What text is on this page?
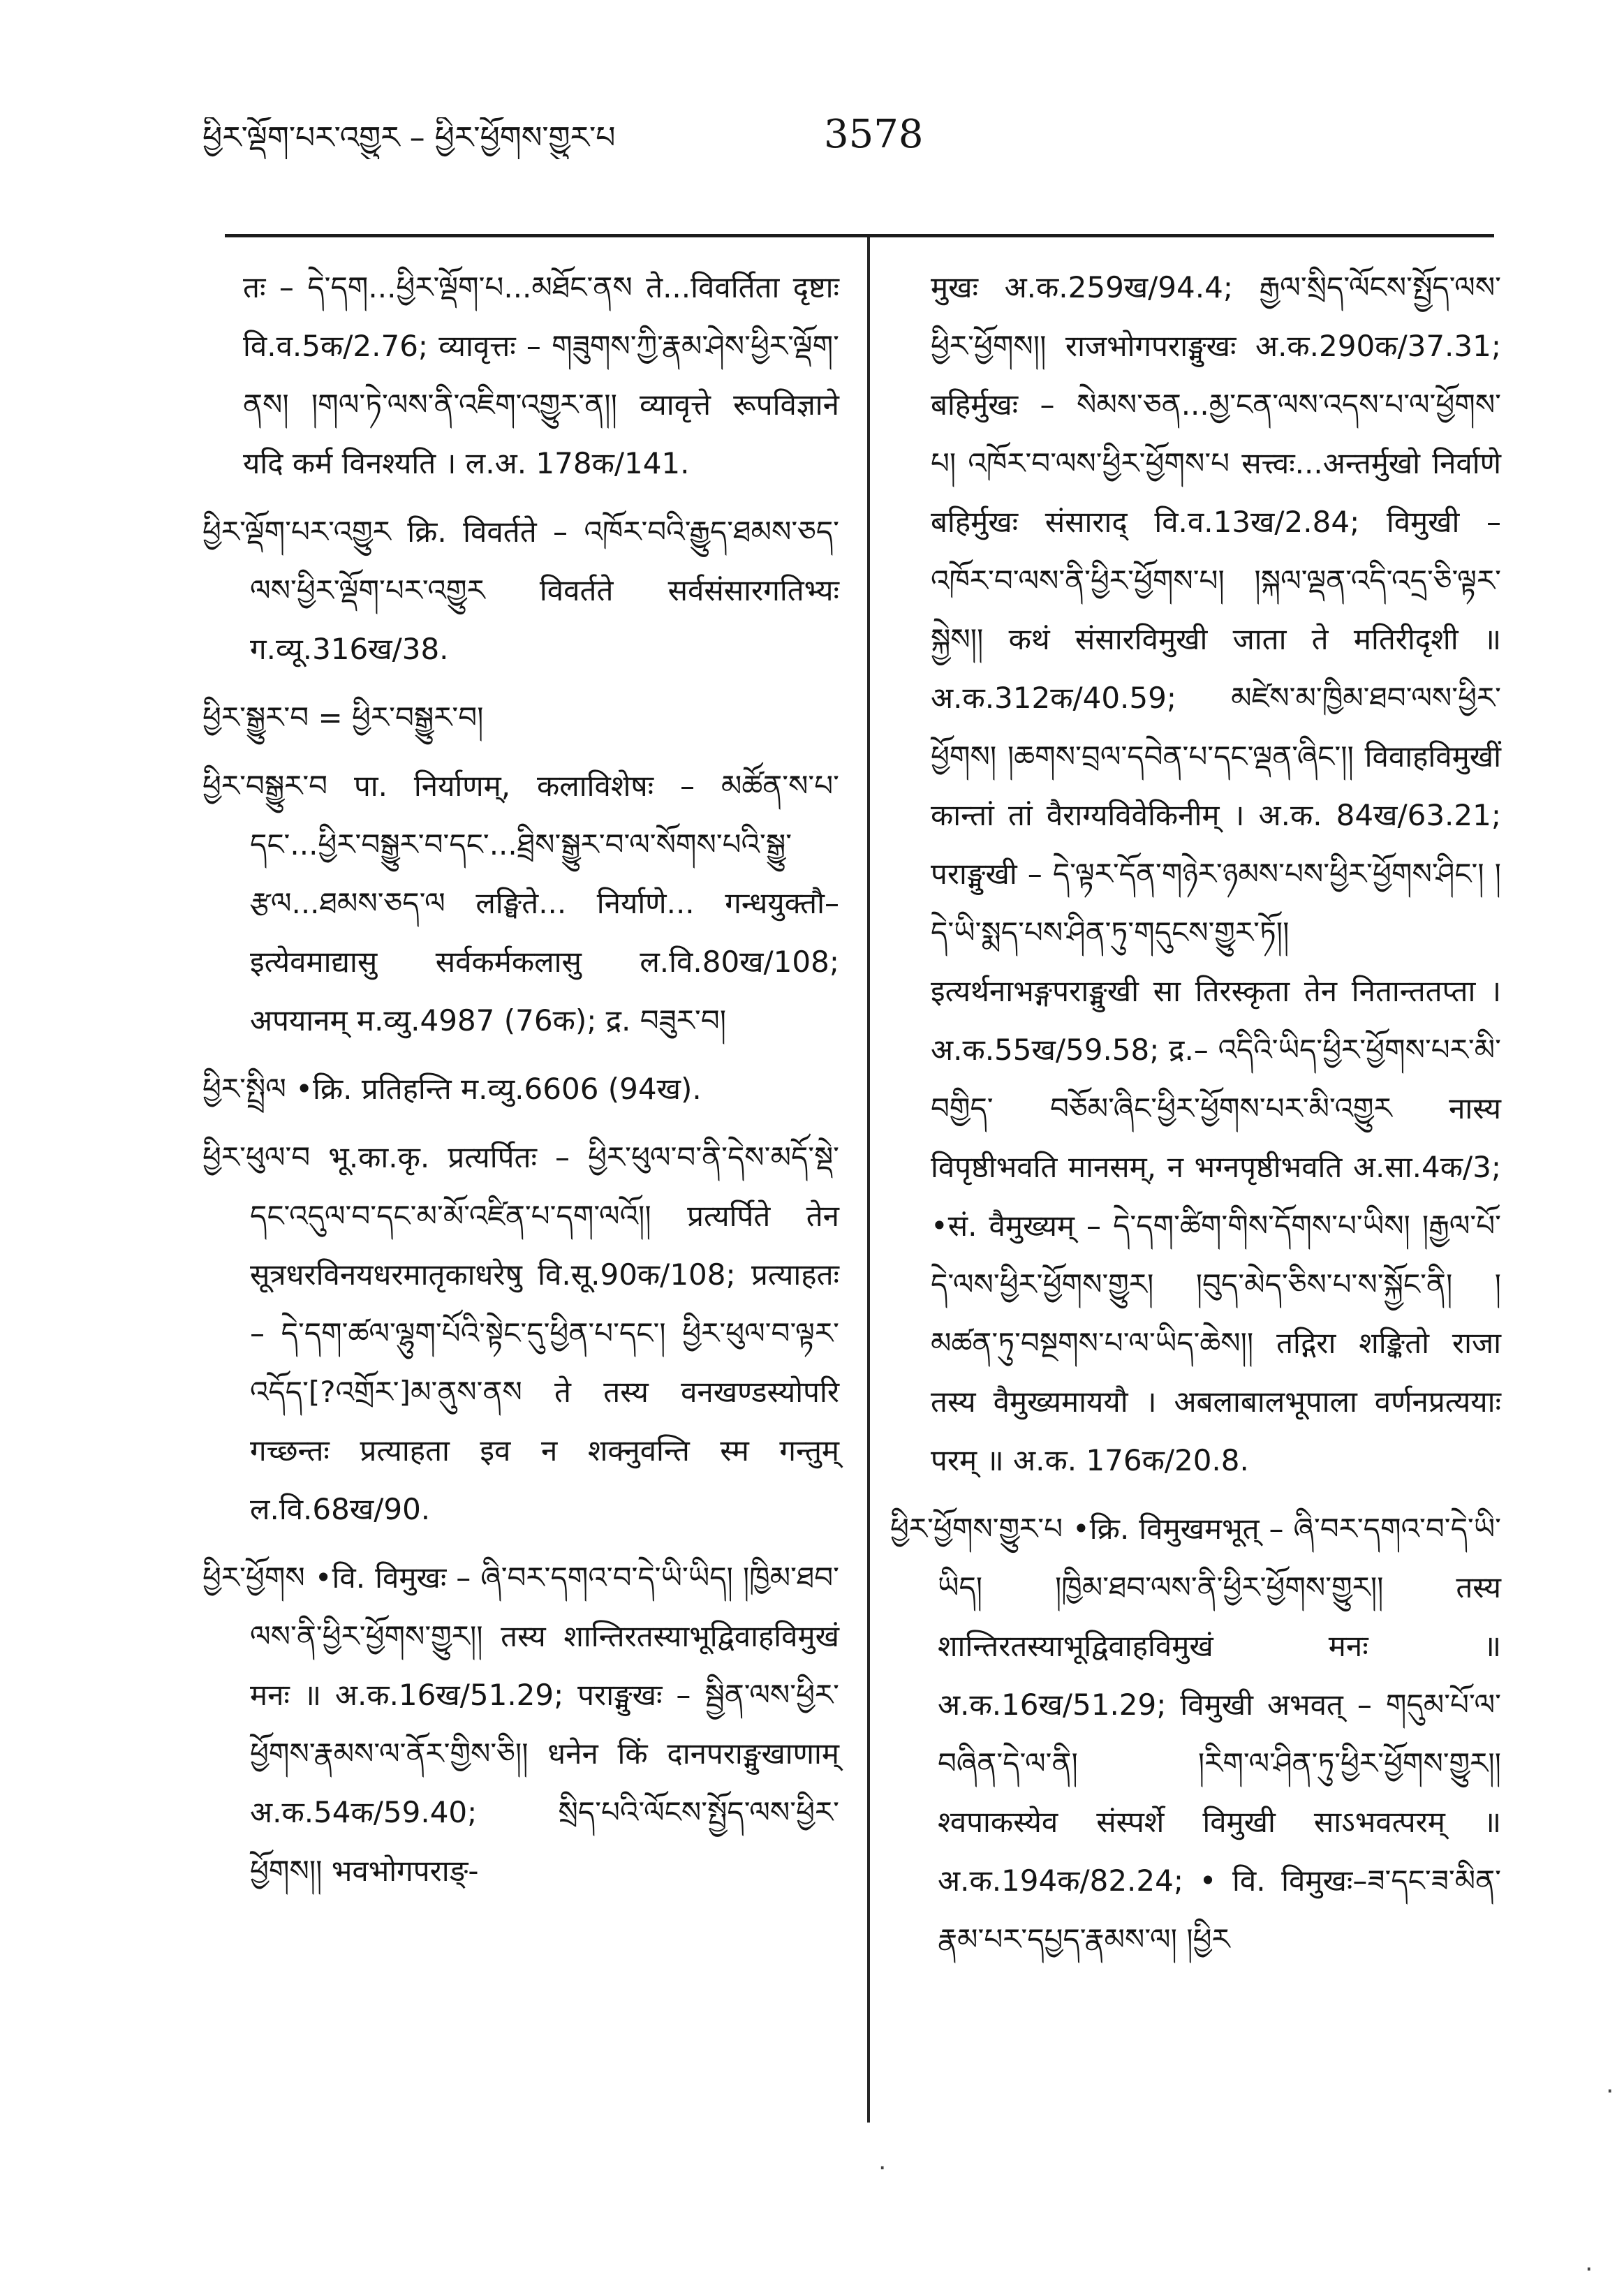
ཕྱིར་ལྡོག་པར་འགྱུར – ཕྱིར་ཕྱོགས་གྱུར་པ	3578

तः – དེ་དག...ཕྱིར་ལྡོག་པ...མཐོང་ནས ते...विवर्तिता दृष्टाः वि.व.5क/2.76; व्यावृत्तः – གཟུགས་ཀྱི་རྣམ་ཤེས་ཕྱིར་ལྡོག་ནས། །གལ་ཏེ་ལས་ནི་འཇིག་འགྱུར་ན།། व्यावृत्ते रूपविज्ञाने यदि कर्म विनश्यति । ल.अ. 178क/141.

ཕྱིར་ལྡོག་པར་འགྱུར क्रि. विवर्तते – འཁོར་བའི་རྒྱུད་ཐམས་ཅད་ལས་ཕྱིར་ལྡོག་པར་འགྱུར विवर्तते सर्वसंसारगतिभ्यः ग.व्यू.316ख/38.

ཕྱིར་སྒྱུར་བ = ཕྱིར་བསྒྱུར་བ།

ཕྱིར་བསྒྱུར་བ पा. निर्याणम्, कलाविशेषः – མཚོན་ས་པ་དང་...ཕྱིར་བསྒྱུར་བ་དང་...ཐྲིས་སྒྱུར་བ་ལ་སོགས་པའི་སྒྱུ་རྩལ...ཐམས་ཅད་ལ लङ्घिते... निर्याणे... गन्धयुक्तौ– इत्येवमाद्यासु सर्वकर्मकलासु ल.वि.80ख/108; अपयानम् म.व्यु.4987 (76क); द्र. བཟུར་བ།

ཕྱིར་སྤྲིལ •क्रि. प्रतिहन्ति म.व्यु.6606 (94ख).

ཕྱིར་ཕུལ་བ भू.का.कृ. प्रत्यर्पितः – ཕྱིར་ཕུལ་བ་ནི་དེས་མདོ་སྡེ་དང་འདུལ་བ་དང་མ་མོ་འཛིན་པ་དག་ལའོ།། प्रत्यर्पिते तेन सूत्रधरविनयधरमातृकाधरेषु वि.सू.90क/108; प्रत्याहतः – དེ་དག་ཚལ་ལྷུག་པོའི་སྟེང་དུ་ཕྱིན་པ་དང་། ཕྱིར་ཕུལ་བ་ལྟར་འདོད་[?འགྲོར་]མ་ནུས་ནས ते तस्य वनखण्डस्योपरि गच्छन्तः प्रत्याहता इव न शक्नुवन्ति स्म गन्तुम् ल.वि.68ख/90.

ཕྱིར་ཕྱོགས •वि. विमुखः – ཞི་བར་དགའ་བ་དེ་ཡི་ཡིད། །ཁྱིམ་ཐབ་ལས་ནི་ཕྱིར་ཕྱོགས་གྱུར།། तस्य शान्तिरतस्याभूद्विवाहविमुखं मनः ॥ अ.क.16ख/51.29; पराङ्मुखः – སྦྱིན་ལས་ཕྱིར་ཕྱོགས་རྣམས་ལ་ནོར་གྱིས་ཅི།། धनेन किं दानपराङ्मुखाणाम् अ.क.54क/59.40; སྲིད་པའི་ལོངས་སྤྱོད་ལས་ཕྱིར་ཕྱོགས།། भवभोगपराङ्-

मुखः अ.क.259ख/94.4; རྒྱལ་སྲིད་ལོངས་སྤྱོད་ལས་ཕྱིར་ཕྱོགས།། राजभोगपराङ्मुखः अ.क.290क/37.31; बहिर्मुखः – སེམས་ཅན...མྱ་ངན་ལས་འདས་པ་ལ་ཕྱོགས་པ། འཁོར་བ་ལས་ཕྱིར་ཕྱོགས་པ सत्त्वः...अन्तर्मुखो निर्वाणे बहिर्मुखः संसाराद् वि.व.13ख/2.84; विमुखी – འཁོར་བ་ལས་ནི་ཕྱིར་ཕྱོགས་པ། །སྐལ་ལྡན་འདི་འདྲ་ཅི་ལྟར་སྐྱེས།། कथं संसारविमुखी जाता ते मतिरीदृशी ॥ अ.क.312क/40.59; མཛེས་མ་ཁྱིམ་ཐབ་ལས་ཕྱིར་ཕྱོགས། །ཆགས་བྲལ་དབེན་པ་དང་ལྡན་ཞིང་།། विवाहविमुखीं कान्तां तां वैराग्यविवेकिनीम् । अ.क. 84ख/63.21; पराङ्मुखी – དེ་ལྟར་དོན་གཉེར་ཉམས་པས་ཕྱིར་ཕྱོགས་ཤིང་། །དེ་ཡི་སྨད་པས་ཤིན་ཏུ་གདུངས་གྱུར་ཏོ།། इत्यर्थनाभङ्गपराङ्मुखी सा तिरस्कृता तेन नितान्ततप्ता । अ.क.55ख/59.58; द्र.– འདིའི་ཡིད་ཕྱིར་ཕྱོགས་པར་མི་བགྱིད་ བཅོམ་ཞིང་ཕྱིར་ཕྱོགས་པར་མི་འགྱུར नास्य विपृष्ठीभवति मानसम्, न भग्नपृष्ठीभवति अ.सा.4क/3; •सं. वैमुख्यम् – དེ་དག་ཚིག་གིས་དོགས་པ་ཡིས། །རྒྱལ་པོ་དེ་ལས་ཕྱིར་ཕྱོགས་གྱུར། །བུད་མེད་ཅིས་པ་ས་སྐྱོང་ནི། །མཚན་ཏུ་བསྔགས་པ་ལ་ཡིད་ཆེས།། तद्गिरा शङ्कितो राजा तस्य वैमुख्यमाययौ । अबलाबालभूपाला वर्णनप्रत्ययाः परम् ॥ अ.क. 176क/20.8.

ཕྱིར་ཕྱོགས་གྱུར་པ •क्रि. विमुखमभूत् – ཞི་བར་དགའ་བ་དེ་ཡི་ཡིད། །ཁྱིམ་ཐབ་ལས་ནི་ཕྱིར་ཕྱོགས་གྱུར།། तस्य शान्तिरतस्याभूद्विवाहविमुखं मनः ॥ अ.क.16ख/51.29; विमुखी अभवत् – གདུམ་པོ་ལ་བཞིན་དེ་ལ་ནི། །རིག་ལ་ཤིན་ཏུ་ཕྱིར་ཕྱོགས་གྱུར།། श्वपाकस्येव संस्पर्शे विमुखी साऽभवत्परम् ॥ अ.क.194क/82.24; • वि. विमुखः–ཟ་དང་ཟ་མིན་རྣམ་པར་དཔྱད་རྣམས་ལ། །ཕྱིར

·
·
·
